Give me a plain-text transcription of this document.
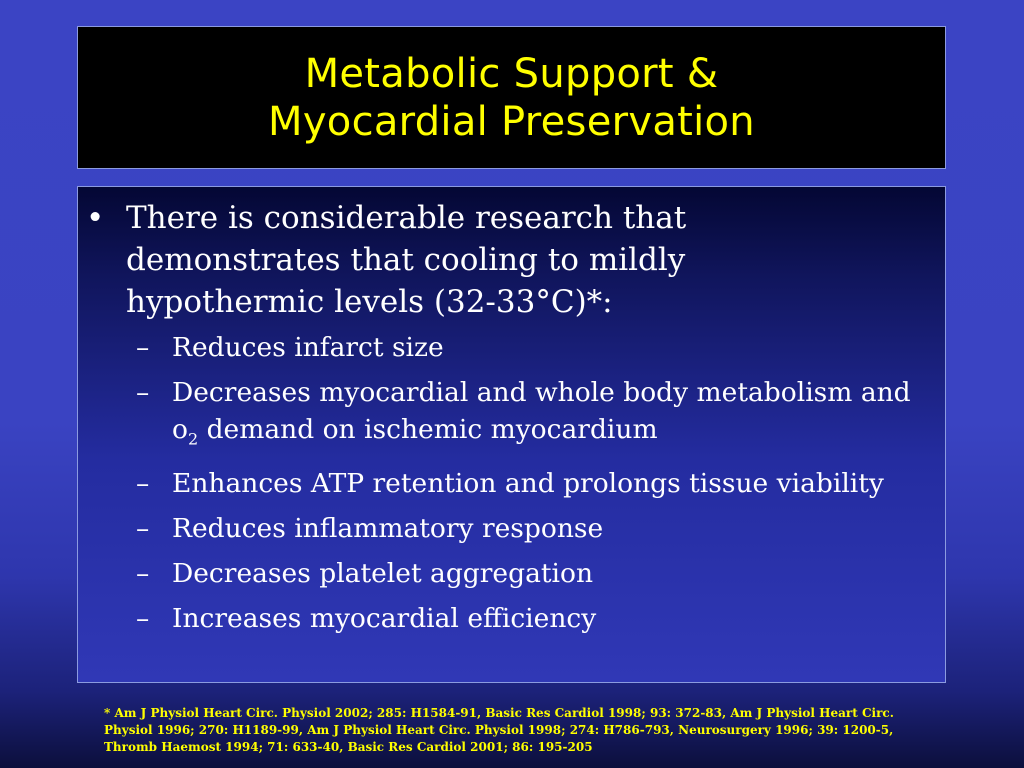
Metabolic Support &
Myocardial Preservation
• There is considerable research that demonstrates that cooling to mildly hypothermic levels (32-33°C)*:
– Reduces infarct size
– Decreases myocardial and whole body metabolism and $o_2$ demand on ischemic myocardium
– Enhances ATP retention and prolongs tissue viability
– Reduces inflammatory response
– Decreases platelet aggregation
– Increases myocardial efficiency
* Am J Physiol Heart Circ. Physiol 2002; 285: H1584-91, Basic Res Cardiol 1998; 93: 372-83, Am J Physiol Heart Circ. Physiol 1996; 270: H1189-99, Am J Physiol Heart Circ. Physiol 1998; 274: H786-793, Neurosurgery 1996; 39: 1200-5, Thromb Haemost 1994; 71: 633-40, Basic Res Cardiol 2001; 86: 195-205
